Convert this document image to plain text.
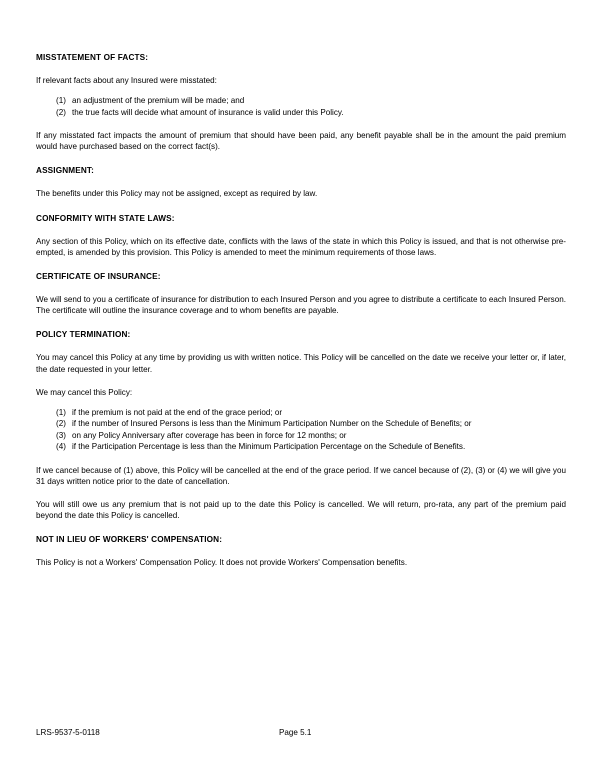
MISSTATEMENT OF FACTS:
If relevant facts about any Insured were misstated:
(1) an adjustment of the premium will be made; and
(2) the true facts will decide what amount of insurance is valid under this Policy.
If any misstated fact impacts the amount of premium that should have been paid, any benefit payable shall be in the amount the paid premium would have purchased based on the correct fact(s).
ASSIGNMENT:
The benefits under this Policy may not be assigned, except as required by law.
CONFORMITY WITH STATE LAWS:
Any section of this Policy, which on its effective date, conflicts with the laws of the state in which this Policy is issued, and that is not otherwise pre-empted, is amended by this provision. This Policy is amended to meet the minimum requirements of those laws.
CERTIFICATE OF INSURANCE:
We will send to you a certificate of insurance for distribution to each Insured Person and you agree to distribute a certificate to each Insured Person. The certificate will outline the insurance coverage and to whom benefits are payable.
POLICY TERMINATION:
You may cancel this Policy at any time by providing us with written notice. This Policy will be cancelled on the date we receive your letter or, if later, the date requested in your letter.
We may cancel this Policy:
(1) if the premium is not paid at the end of the grace period; or
(2) if the number of Insured Persons is less than the Minimum Participation Number on the Schedule of Benefits; or
(3) on any Policy Anniversary after coverage has been in force for 12 months; or
(4) if the Participation Percentage is less than the Minimum Participation Percentage on the Schedule of Benefits.
If we cancel because of (1) above, this Policy will be cancelled at the end of the grace period. If we cancel because of (2), (3) or (4) we will give you 31 days written notice prior to the date of cancellation.
You will still owe us any premium that is not paid up to the date this Policy is cancelled. We will return, pro-rata, any part of the premium paid beyond the date this Policy is cancelled.
NOT IN LIEU OF WORKERS' COMPENSATION:
This Policy is not a Workers' Compensation Policy. It does not provide Workers' Compensation benefits.
LRS-9537-5-0118	Page 5.1
